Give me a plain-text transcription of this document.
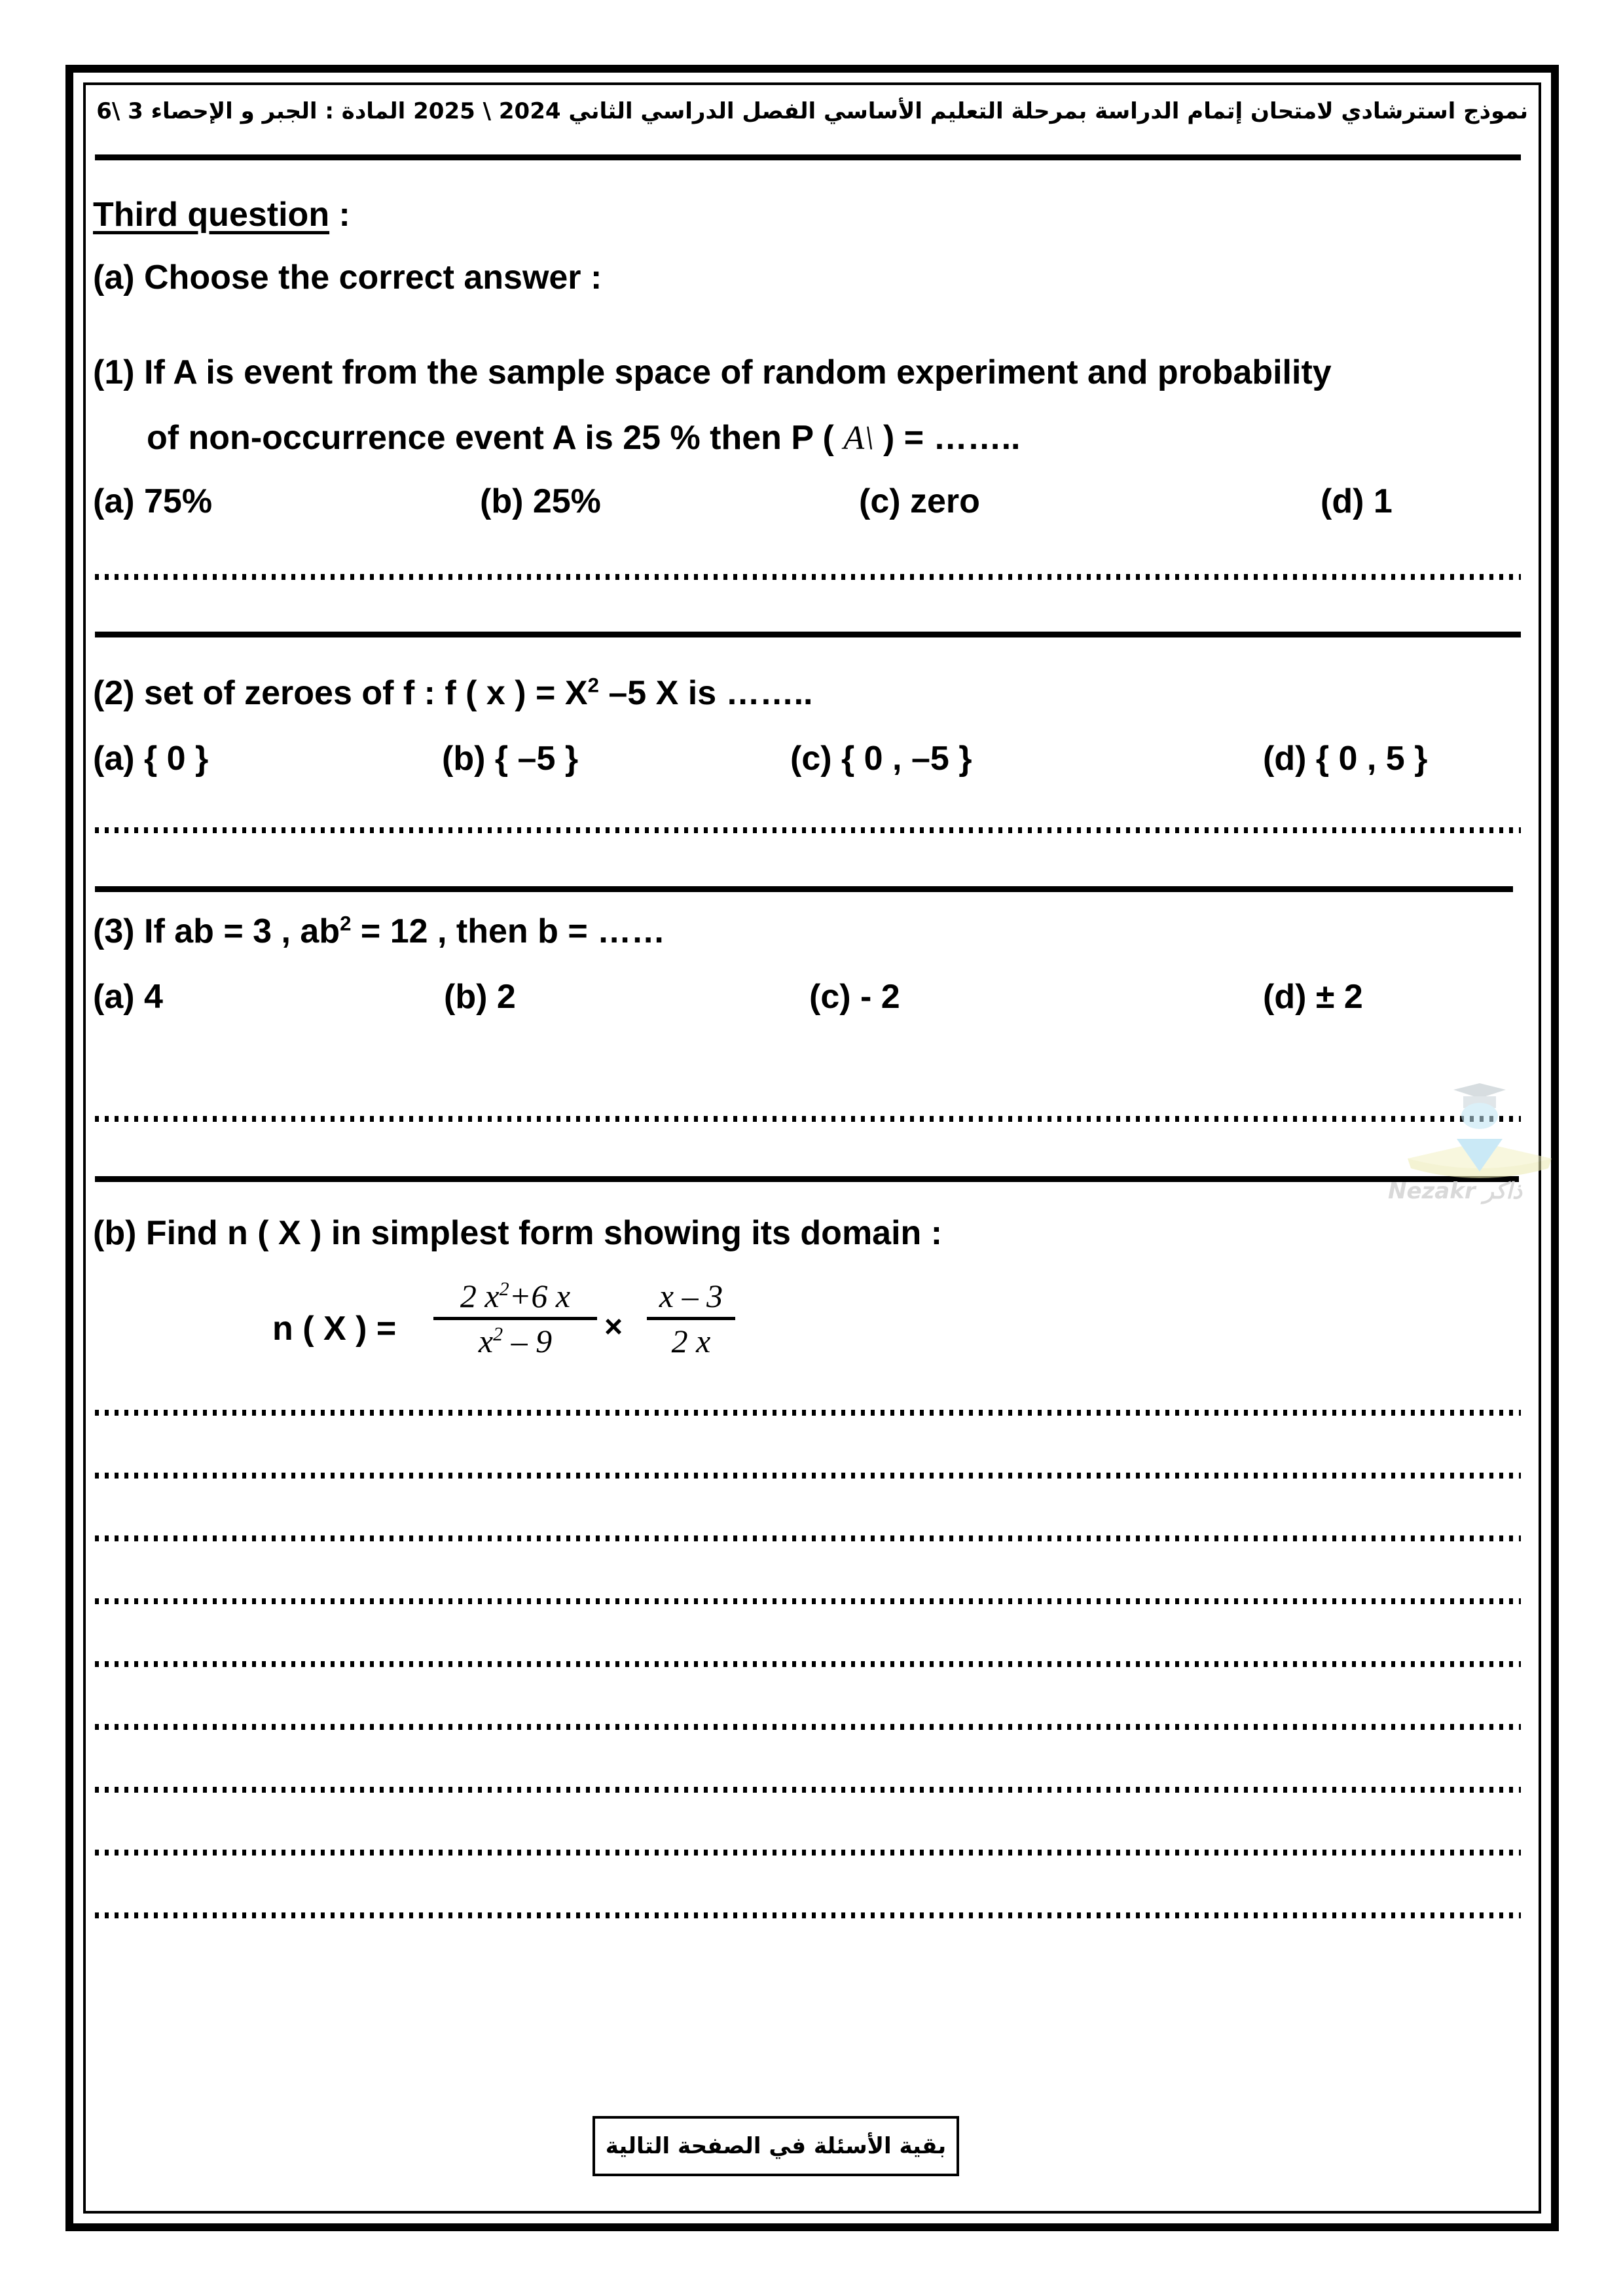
نموذج استرشادي لامتحان إتمام الدراسة بمرحلة التعليم الأساسي الفصل الدراسي الثاني 2024 \ 2025 المادة : الجبر و الإحصاء 3 \6
Third question :
(a) Choose the correct answer :
(1) If A is event from the sample space of random experiment and probability
of non-occurrence event A is 25 % then P ( A\ ) = ……..
(a) 75%	(b) 25%	(c) zero	(d) 1
(2) set of zeroes of f : f ( x ) = $X^2$ –5 X is ……..
(a) { 0 }	(b) { –5 }	(c) { 0 , –5 }	(d) { 0 , 5 }
(3) If ab = 3 , $ab^2 = 12$ , then b = ……
(a) 4	(b) 2	(c) - 2	(d) ± 2
Nezakr ذاكر
(b) Find n ( X ) in simplest form showing its domain :
n ( X ) =
2 $x^2+6$ x
$x^2 - 9$	×
x – 3
2 x
بقية الأسئلة في الصفحة التالية
